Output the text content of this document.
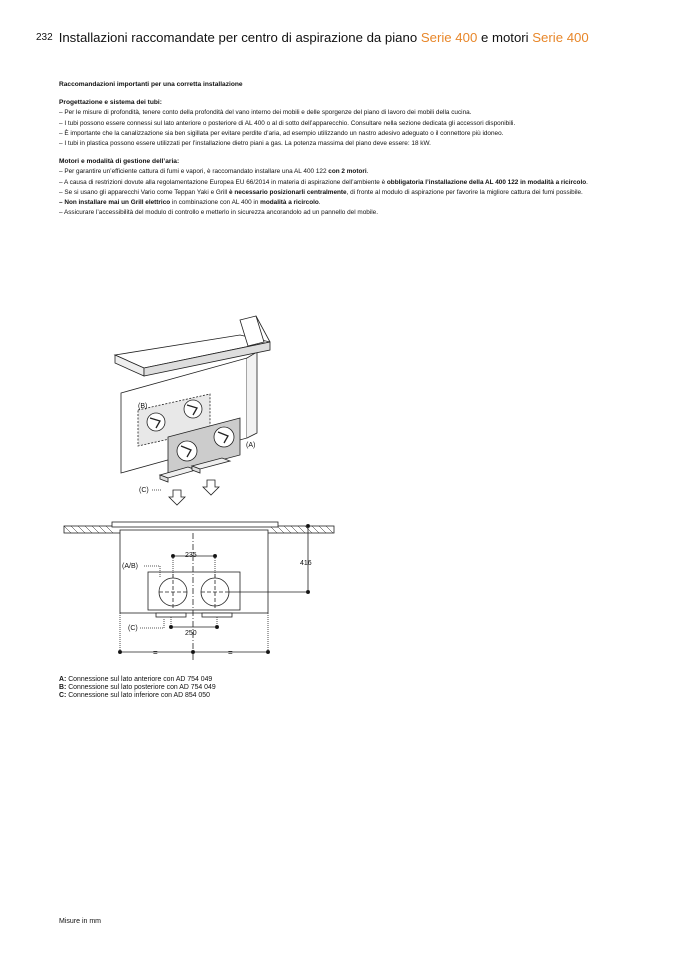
232 Installazioni raccomandate per centro di aspirazione da piano Serie 400 e motori Serie 400
Raccomandazioni importanti per una corretta installazione
Progettazione e sistema dei tubi:
– Per le misure di profondità, tenere conto della profondità del vano interno dei mobili e delle sporgenze del piano di lavoro dei mobili della cucina.
– I tubi possono essere connessi sul lato anteriore o posteriore di AL 400 o al di sotto dell’apparecchio. Consultare nella sezione dedicata gli accessori disponibili.
– È importante che la canalizzazione sia ben sigillata per evitare perdite d’aria, ad esempio utilizzando un nastro adesivo adeguato o il connettore più idoneo.
– I tubi in plastica possono essere utilizzati per l’installazione dietro piani a gas. La potenza massima del piano deve essere: 18 kW.
Motori e modalità di gestione dell’aria:
– Per garantire un’efficiente cattura di fumi e vapori, è raccomandato installare una AL 400 122 con 2 motori.
– A causa di restrizioni dovute alla regolamentazione Europea EU 66/2014 in materia di aspirazione dell’ambiente è obbligatoria l’installazione della AL 400 122 in modalità a ricircolo.
– Se si usano gli apparecchi Vario come Teppan Yaki e Grill è necessario posizionarli centralmente, di fronte al modulo di aspirazione per favorire la migliore cattura dei fumi possibile.
– Non installare mai un Grill elettrico in combinazione con AL 400 in modalità a ricircolo.
– Assicurare l’accessibilità del modulo di controllo e metterlo in sicurezza ancorandolo ad un pannello del mobile.
(B)
(A)
(C)
235
416
250
=	=
(A/B)
(C)
A: Connessione sul lato anteriore con AD 754 049
B: Connessione sul lato posteriore con AD 754 049
C: Connessione sul lato inferiore con AD 854 050
Misure in mm
